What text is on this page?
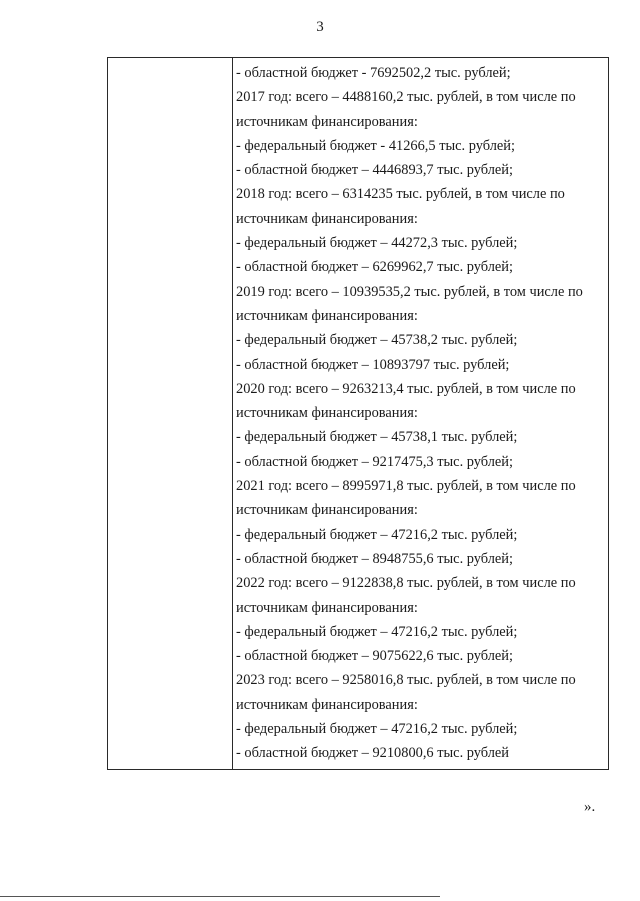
3
- областной бюджет - 7692502,2 тыс. рублей;
2017 год: всего – 4488160,2 тыс. рублей, в том числе по
источникам финансирования:
- федеральный бюджет - 41266,5 тыс. рублей;
- областной бюджет – 4446893,7 тыс. рублей;
2018 год: всего – 6314235 тыс. рублей, в том числе по
источникам финансирования:
- федеральный бюджет – 44272,3 тыс. рублей;
- областной бюджет – 6269962,7 тыс. рублей;
2019 год: всего – 10939535,2 тыс. рублей, в том числе по
источникам финансирования:
- федеральный бюджет – 45738,2 тыс. рублей;
- областной бюджет – 10893797 тыс. рублей;
2020 год: всего – 9263213,4 тыс. рублей, в том числе по
источникам финансирования:
- федеральный бюджет – 45738,1 тыс. рублей;
- областной бюджет – 9217475,3 тыс. рублей;
2021 год: всего – 8995971,8 тыс. рублей, в том числе по
источникам финансирования:
- федеральный бюджет – 47216,2 тыс. рублей;
- областной бюджет – 8948755,6 тыс. рублей;
2022 год: всего – 9122838,8 тыс. рублей, в том числе по
источникам финансирования:
- федеральный бюджет – 47216,2 тыс. рублей;
- областной бюджет – 9075622,6 тыс. рублей;
2023 год: всего – 9258016,8 тыс. рублей, в том числе по
источникам финансирования:
- федеральный бюджет – 47216,2 тыс. рублей;
- областной бюджет – 9210800,6 тыс. рублей
».
